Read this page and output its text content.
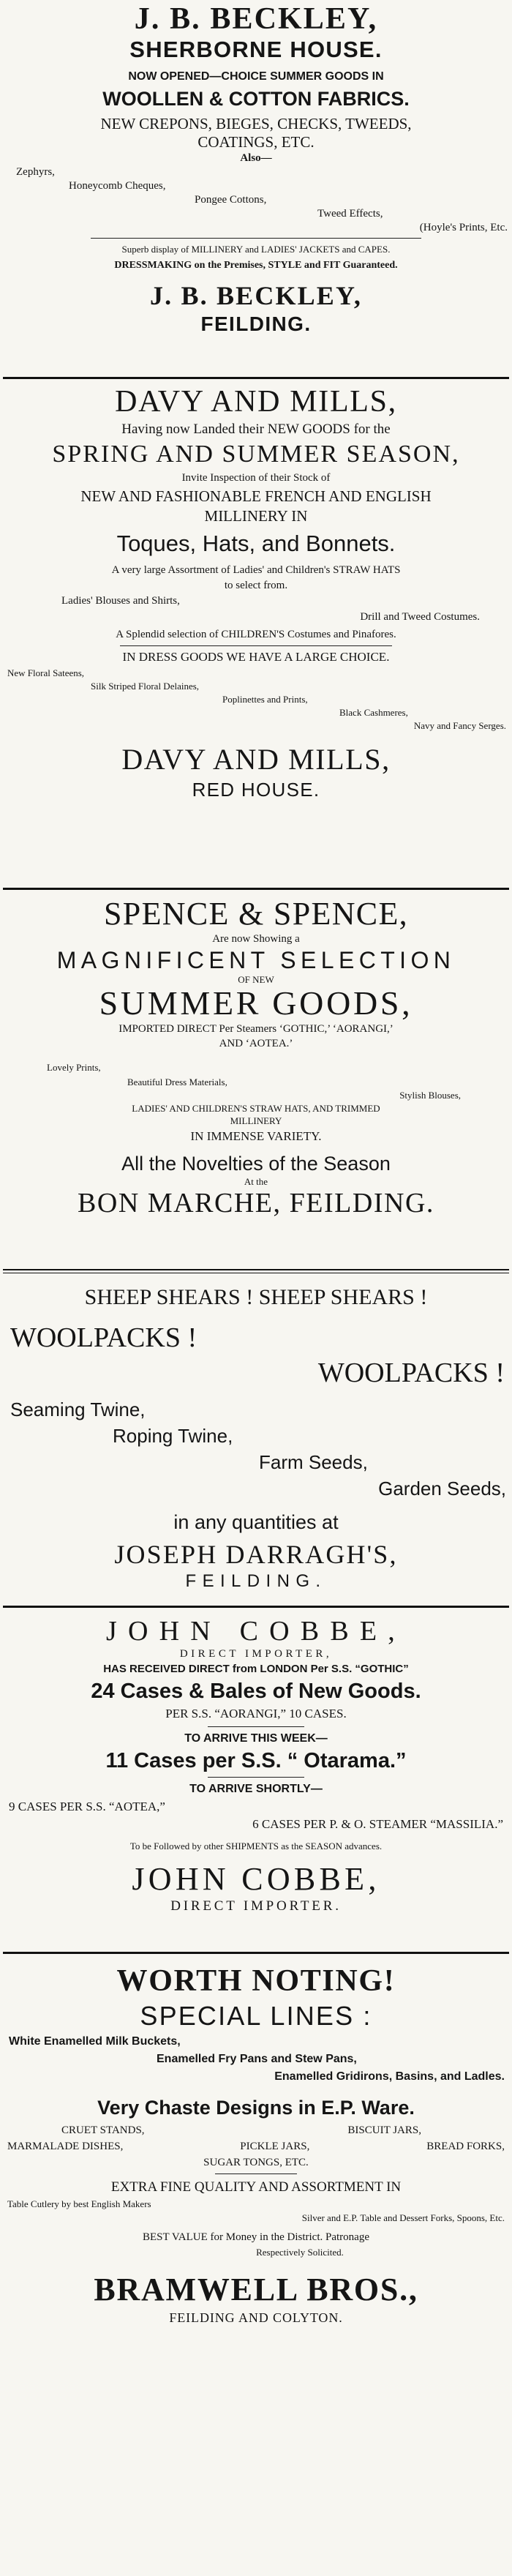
J. B. BECKLEY,
SHERBORNE HOUSE.
NOW OPENED—CHOICE SUMMER GOODS IN
WOOLLEN & COTTON FABRICS.
NEW CREPONS, BIEGES, CHECKS, TWEEDS,
COATINGS, ETC.
Also—
Zephyrs,
Honeycomb Cheques,
Pongee Cottons,
Tweed Effects,
(Hoyle's Prints, Etc.
Superb display of MILLINERY and LADIES' JACKETS and CAPES.
DRESSMAKING on the Premises, STYLE and FIT Guaranteed.
J. B. BECKLEY,
FEILDING.
DAVY AND MILLS,
Having now Landed their NEW GOODS for the
SPRING AND SUMMER SEASON,
Invite Inspection of their Stock of
NEW AND FASHIONABLE FRENCH AND ENGLISH
MILLINERY IN
Toques, Hats, and Bonnets.
A very large Assortment of Ladies' and Children's STRAW HATS
to select from.
Ladies' Blouses and Shirts,
Drill and Tweed Costumes.
A Splendid selection of CHILDREN'S Costumes and Pinafores.
IN DRESS GOODS WE HAVE A LARGE CHOICE.
New Floral Sateens,
Silk Striped Floral Delaines,
Poplinettes and Prints,
Black Cashmeres,
Navy and Fancy Serges.
DAVY AND MILLS,
RED HOUSE.
SPENCE & SPENCE,
Are now Showing a
MAGNIFICENT SELECTION
OF NEW
SUMMER GOODS,
IMPORTED DIRECT Per Steamers ‘GOTHIC,’ ‘AORANGI,’
AND ‘AOTEA.’
Lovely Prints,
Beautiful Dress Materials,
Stylish Blouses,
LADIES' AND CHILDREN'S STRAW HATS, AND TRIMMED
MILLINERY
IN IMMENSE VARIETY.
All the Novelties of the Season
At the
BON MARCHE, FEILDING.
SHEEP SHEARS ! SHEEP SHEARS !
WOOLPACKS !
WOOLPACKS !
Seaming Twine,
Roping Twine,
Farm Seeds,
Garden Seeds,
in any quantities at
JOSEPH DARRAGH'S,
FEILDING.
JOHN COBBE,
DIRECT IMPORTER,
HAS RECEIVED DIRECT from LONDON Per S.S. “GOTHIC”
24 Cases & Bales of New Goods.
PER S.S. “AORANGI,” 10 CASES.
TO ARRIVE THIS WEEK—
11 Cases per S.S. “ Otarama.”
TO ARRIVE SHORTLY—
9 CASES PER S.S. “AOTEA,”
6 CASES PER P. & O. STEAMER “MASSILIA.”
To be Followed by other SHIPMENTS as the SEASON advances.
JOHN COBBE,
DIRECT IMPORTER.
WORTH NOTING!
SPECIAL LINES :
White Enamelled Milk Buckets,
Enamelled Fry Pans and Stew Pans,
Enamelled Gridirons, Basins, and Ladles.
Very Chaste Designs in E.P. Ware.
CRUET STANDS,	BISCUIT JARS,
MARMALADE DISHES,	PICKLE JARS,	BREAD FORKS,
SUGAR TONGS, ETC.
EXTRA FINE QUALITY AND ASSORTMENT IN
Table Cutlery by best English Makers
Silver and E.P. Table and Dessert Forks, Spoons, Etc.
BEST VALUE for Money in the District. Patronage
Respectively Solicited.
BRAMWELL BROS.,
FEILDING AND COLYTON.
